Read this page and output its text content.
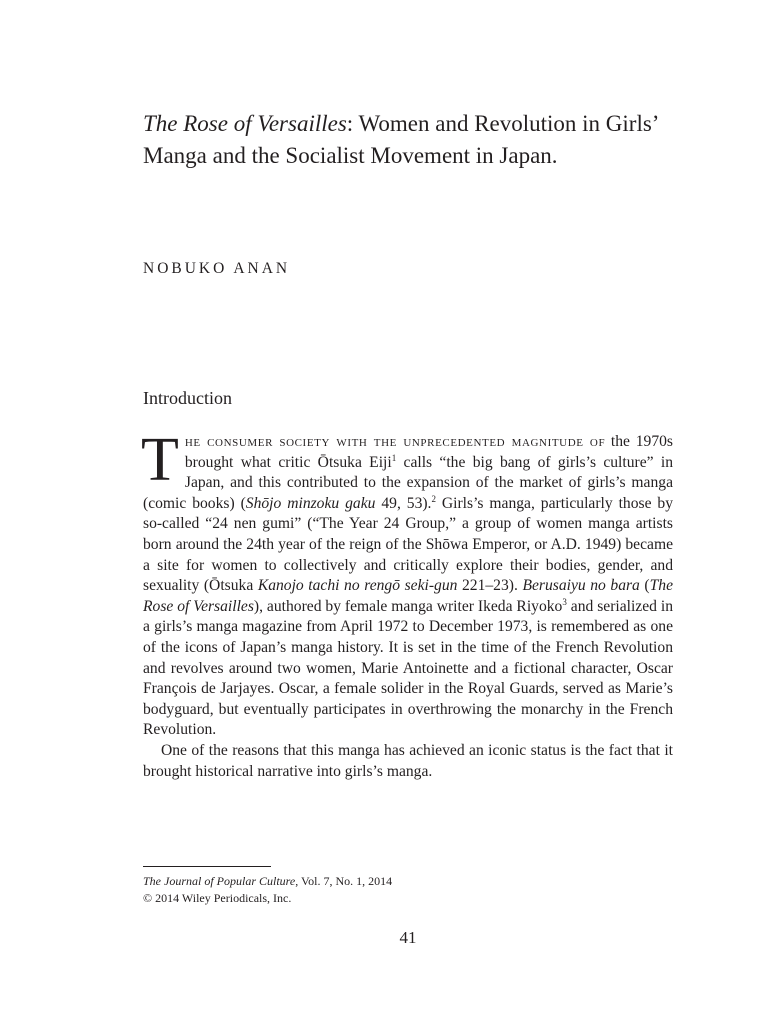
The Rose of Versailles: Women and Revolution in Girls’ Manga and the Socialist Movement in Japan.
NOBUKO ANAN
Introduction

The consumer society with the unprecedented magnitude of the 1970s brought what critic Ōtsuka Eiji$^1$ calls “the big bang of girls’s culture” in Japan, and this contributed to the expansion of the market of girls’s manga (comic books) (Shōjo minzoku gaku 49, 53).$^2$ Girls’s manga, particularly those by so-called “24 nen gumi” (“The Year 24 Group,” a group of women manga artists born around the 24th year of the reign of the Shōwa Emperor, or A.D. 1949) became a site for women to collectively and critically explore their bodies, gender, and sexuality (Ōtsuka Kanojo tachi no rengō seki-gun 221–23). Berusaiyu no bara (The Rose of Versailles), authored by female manga writer Ikeda Riyoko$^3$ and serialized in a girls’s manga magazine from April 1972 to December 1973, is remembered as one of the icons of Japan’s manga history. It is set in the time of the French Revolution and revolves around two women, Marie Antoinette and a fictional character, Oscar François de Jarjayes. Oscar, a female solider in the Royal Guards, served as Marie’s bodyguard, but eventually participates in overthrowing the monarchy in the French Revolution.

One of the reasons that this manga has achieved an iconic status is the fact that it brought historical narrative into girls’s manga.

The Journal of Popular Culture, Vol. 7, No. 1, 2014
© 2014 Wiley Periodicals, Inc.
41
